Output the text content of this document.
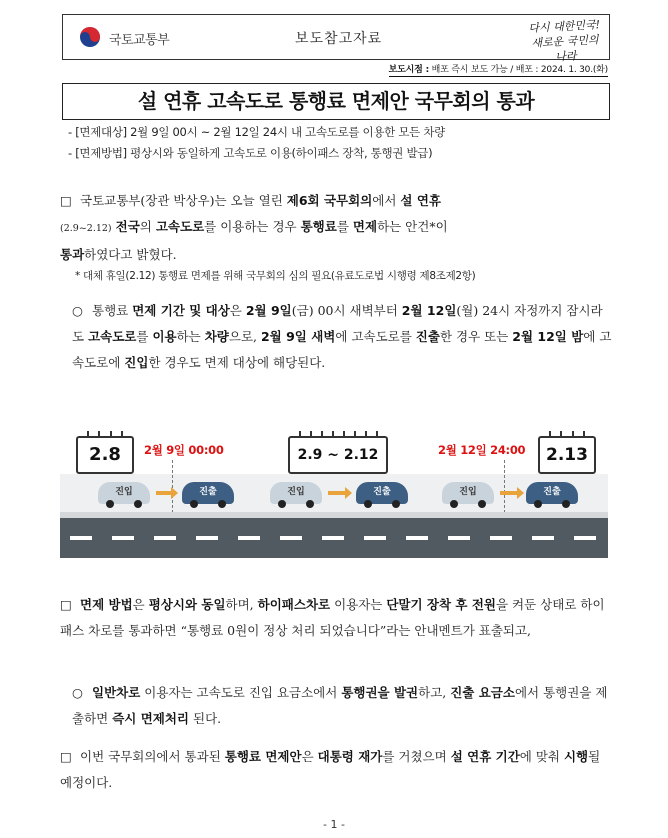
국토교통부	보도참고자료
다시 대한민국!
새로운 국민의 나라
보도시점 : 배포 즉시 보도 가능 / 배포 : 2024. 1. 30.(화)
설 연휴 고속도로 통행료 면제안 국무회의 통과
- [면제대상] 2월 9일 00시 ~ 2월 12일 24시 내 고속도로를 이용한 모든 차량
- [면제방법] 평상시와 동일하게 고속도로 이용(하이패스 장착, 통행권 발급)
□ 국토교통부(장관 박상우)는 오늘 열린 제6회 국무회의에서 설 연휴
(2.9~2.12) 전국의 고속도로를 이용하는 경우 통행료를 면제하는 안건*이
통과하였다고 밝혔다.
* 대체 휴일(2.12) 통행료 면제를 위해 국무회의 심의 필요(유료도로법 시행령 제8조제2항)
○ 통행료 면제 기간 및 대상은 2월 9일(금) 00시 새벽부터 2월 12일(월) 24시 자정까지 잠시라도 고속도로를 이용하는 차량으로, 2월 9일 새벽에 고속도로를 진출한 경우 또는 2월 12일 밤에 고속도로에 진입한 경우도 면제 대상에 해당된다.
2.8	2.9 ~ 2.12	2.13
2월 9일 00:00	2월 12일 24:00
진입	진출	진입	진출	진입	진출
□ 면제 방법은 평상시와 동일하며, 하이패스차로 이용자는 단말기 장착 후 전원을 켜둔 상태로 하이패스 차로를 통과하면 “통행료 0원이 정상 처리 되었습니다”라는 안내멘트가 표출되고,
○ 일반차로 이용자는 고속도로 진입 요금소에서 통행권을 발권하고, 진출 요금소에서 통행권을 제출하면 즉시 면제처리 된다.
□ 이번 국무회의에서 통과된 통행료 면제안은 대통령 재가를 거쳤으며 설 연휴 기간에 맞춰 시행될 예정이다.
- 1 -
